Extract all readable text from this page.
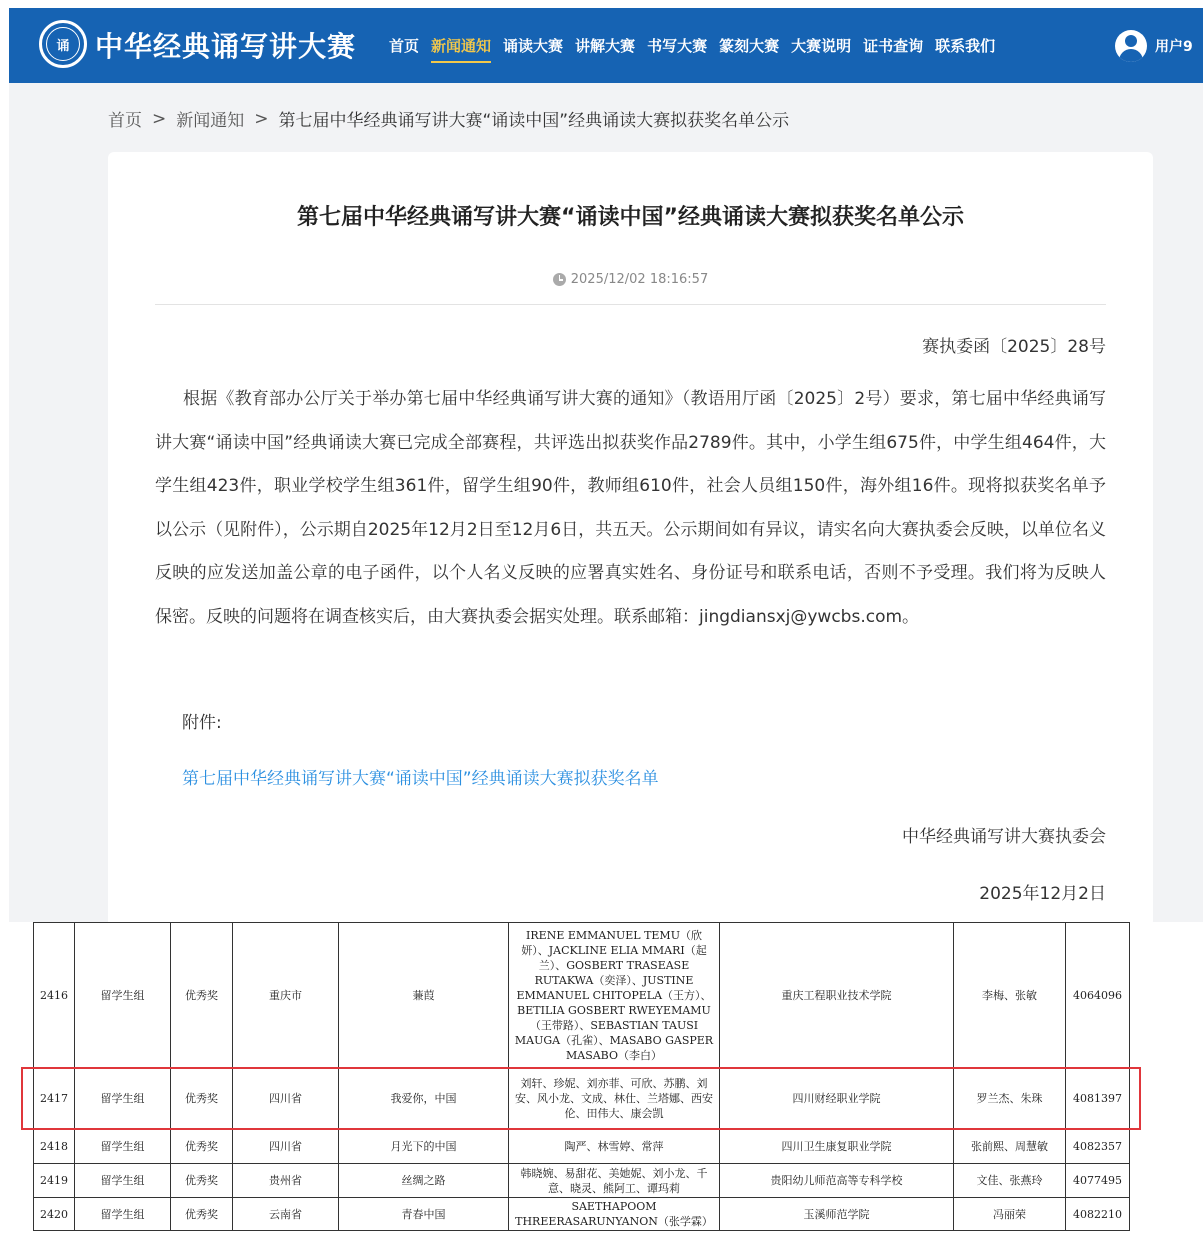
诵 中华经典诵写讲大赛 首页 新闻通知 诵读大赛 讲解大赛 书写大赛 篆刻大赛 大赛说明 证书查询 联系我们	用户9
首页 > 新闻通知 > 第七届中华经典诵写讲大赛“诵读中国”经典诵读大赛拟获奖名单公示
第七届中华经典诵写讲大赛“诵读中国”经典诵读大赛拟获奖名单公示
2025/12/02 18:16:57
赛执委函〔2025〕28号
根据《教育部办公厅关于举办第七届中华经典诵写讲大赛的通知》（教语用厅函〔2025〕2号）要求，第七届中华经典诵写讲大赛“诵读中国”经典诵读大赛已完成全部赛程，共评选出拟获奖作品2789件。其中，小学生组675件，中学生组464件，大学生组423件，职业学校学生组361件，留学生组90件，教师组610件，社会人员组150件，海外组16件。现将拟获奖名单予以公示（见附件），公示期自2025年12月2日至12月6日，共五天。公示期间如有异议，请实名向大赛执委会反映，以单位名义反映的应发送加盖公章的电子函件，以个人名义反映的应署真实姓名、身份证号和联系电话，否则不予受理。我们将为反映人保密。反映的问题将在调查核实后，由大赛执委会据实处理。联系邮箱：jingdiansxj@ywcbs.com。
附件:
第七届中华经典诵写讲大赛“诵读中国”经典诵读大赛拟获奖名单
中华经典诵写讲大赛执委会
2025年12月2日
2416	留学生组	优秀奖	重庆市	蒹葭	IRENE EMMANUEL TEMU（欣妍）、JACKLINE ELIA MMARI（起兰）、GOSBERT TRASEASE RUTAKWA（奕泽）、JUSTINE EMMANUEL CHITOPELA（王方）、BETILIA GOSBERT RWEYEMAMU（王带路）、SEBASTIAN TAUSI MAUGA（孔雀）、MASABO GASPER MASABO（李白）	重庆工程职业技术学院	李梅、张敏	4064096
2417	留学生组	优秀奖	四川省	我爱你，中国	刘轩、珍妮、刘亦菲、可欣、苏鹏、刘安、风小龙、文成、林仕、兰塔娜、西安伦、田伟大、康会凯	四川财经职业学院	罗兰杰、朱珠	4081397
2418	留学生组	优秀奖	四川省	月光下的中国	陶严、林雪婷、常萍	四川卫生康复职业学院	张前熙、周慧敏	4082357
2419	留学生组	优秀奖	贵州省	丝绸之路	韩晓婉、易甜花、美她妮、刘小龙、千意、晓灵、熊阿工、谭玛莉	贵阳幼儿师范高等专科学校	文佳、张燕玲	4077495
2420	留学生组	优秀奖	云南省	青春中国	SAETHAPOOM THREERASARUNYANON（张学霖）	玉溪师范学院	冯丽荣	4082210
